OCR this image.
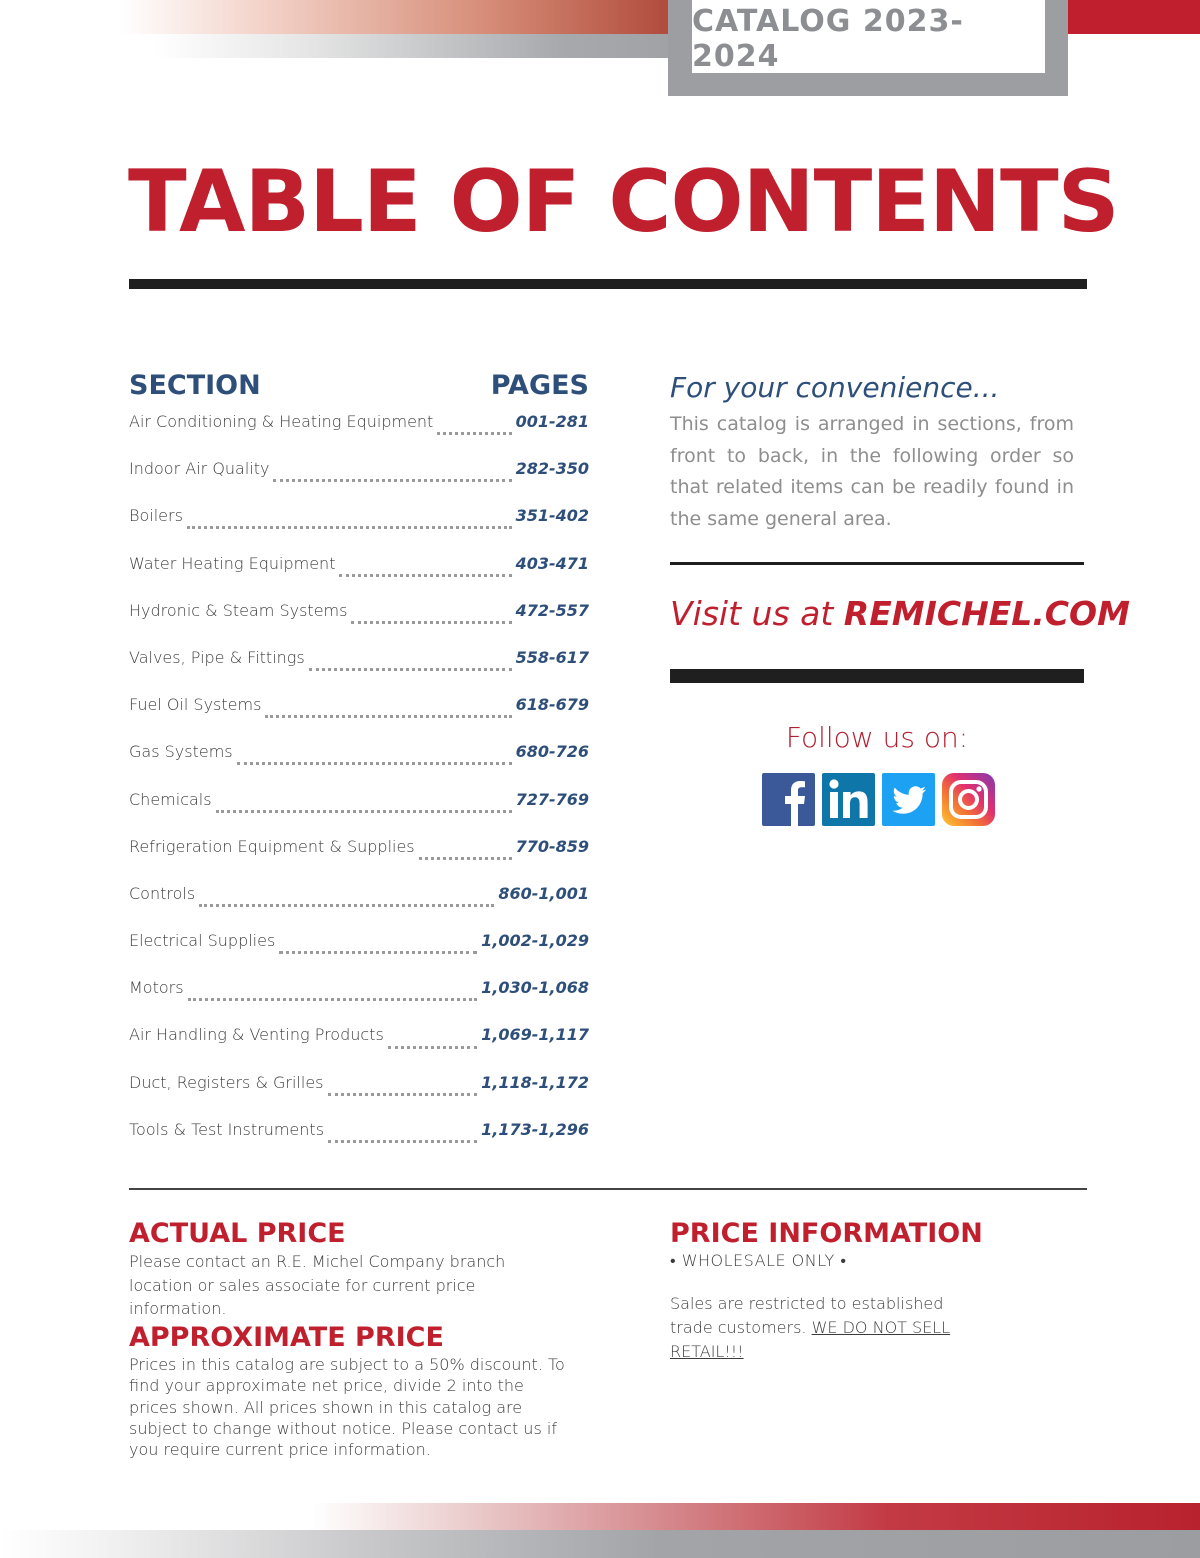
CATALOG 2023-2024
TABLE OF CONTENTS
SECTION	PAGES
Air Conditioning & Heating Equipment	001-281
Indoor Air Quality	282-350
Boilers	351-402
Water Heating Equipment	403-471
Hydronic & Steam Systems	472-557
Valves, Pipe & Fittings	558-617
Fuel Oil Systems	618-679
Gas Systems	680-726
Chemicals	727-769
Refrigeration Equipment & Supplies	770-859
Controls	860-1,001
Electrical Supplies	1,002-1,029
Motors	1,030-1,068
Air Handling & Venting Products	1,069-1,117
Duct, Registers & Grilles	1,118-1,172
Tools & Test Instruments	1,173-1,296
For your convenience...

This catalog is arranged in sections, from front to back, in the following order so that related items can be readily found in the same general area.

Visit us at REMICHEL.COM
Follow us on:
ACTUAL PRICE

Please contact an R.E. Michel Company branch location or sales associate for current price information.

APPROXIMATE PRICE

Prices in this catalog are subject to a 50% discount. To find your approximate net price, divide 2 into the prices shown. All prices shown in this catalog are subject to change without notice. Please contact us if you require current price information.

PRICE INFORMATION

• WHOLESALE ONLY •

Sales are restricted to established trade customers. WE DO NOT SELL RETAIL!!!
